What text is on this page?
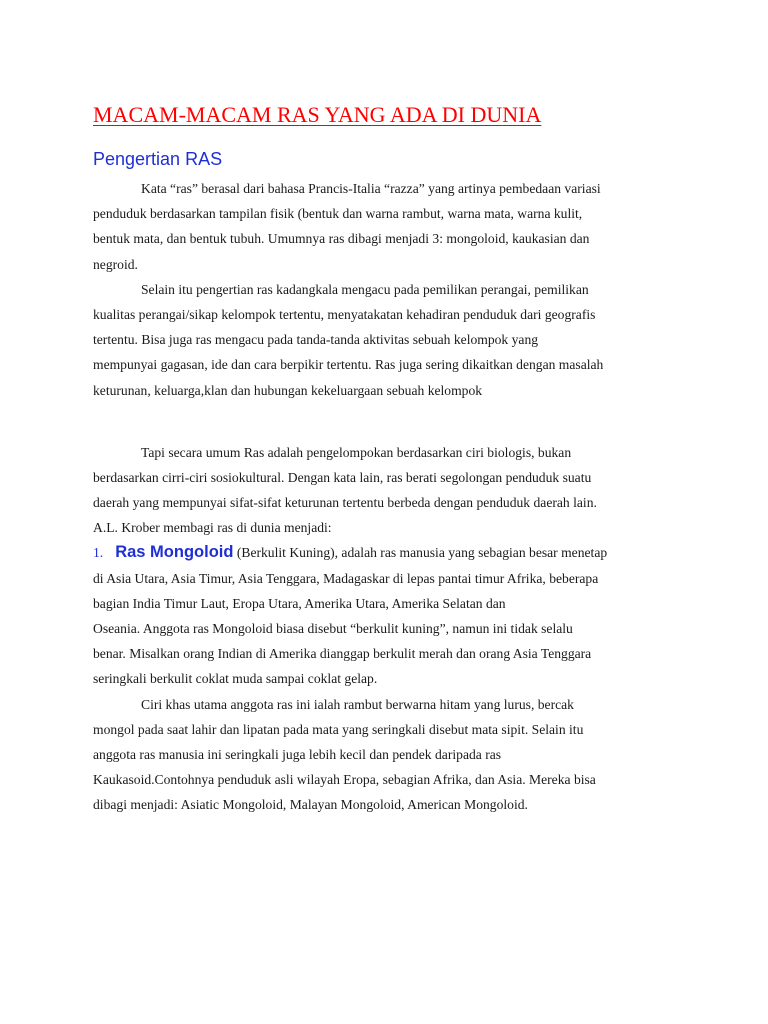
MACAM-MACAM RAS YANG ADA DI DUNIA
Pengertian RAS
Kata “ras” berasal dari bahasa Prancis-Italia “razza” yang artinya pembedaan variasi
penduduk berdasarkan tampilan fisik (bentuk dan warna rambut, warna mata, warna kulit,
bentuk mata, dan bentuk tubuh. Umumnya ras dibagi menjadi 3: mongoloid, kaukasian dan
negroid.
Selain itu pengertian ras kadangkala mengacu pada pemilikan perangai, pemilikan
kualitas perangai/sikap kelompok tertentu, menyatakatan kehadiran penduduk dari geografis
tertentu. Bisa juga ras mengacu pada tanda-tanda aktivitas sebuah kelompok yang
mempunyai gagasan, ide dan cara berpikir tertentu. Ras juga sering dikaitkan dengan masalah
keturunan, keluarga,klan dan hubungan kekeluargaan sebuah kelompok
Tapi secara umum Ras adalah pengelompokan berdasarkan ciri biologis, bukan
berdasarkan cirri-ciri sosiokultural. Dengan kata lain, ras berati segolongan penduduk suatu
daerah yang mempunyai sifat-sifat keturunan tertentu berbeda dengan penduduk daerah lain.
A.L. Krober membagi ras di dunia menjadi:
1. Ras Mongoloid (Berkulit Kuning), adalah ras manusia yang sebagian besar menetap
di Asia Utara, Asia Timur, Asia Tenggara, Madagaskar di lepas pantai timur Afrika, beberapa
bagian India Timur Laut, Eropa Utara, Amerika Utara, Amerika Selatan dan
Oseania. Anggota ras Mongoloid biasa disebut “berkulit kuning”, namun ini tidak selalu
benar. Misalkan orang Indian di Amerika dianggap berkulit merah dan orang Asia Tenggara
seringkali berkulit coklat muda sampai coklat gelap.
Ciri khas utama anggota ras ini ialah rambut berwarna hitam yang lurus, bercak
mongol pada saat lahir dan lipatan pada mata yang seringkali disebut mata sipit. Selain itu
anggota ras manusia ini seringkali juga lebih kecil dan pendek daripada ras
Kaukasoid.Contohnya penduduk asli wilayah Eropa, sebagian Afrika, dan Asia. Mereka bisa
dibagi menjadi: Asiatic Mongoloid, Malayan Mongoloid, American Mongoloid.
